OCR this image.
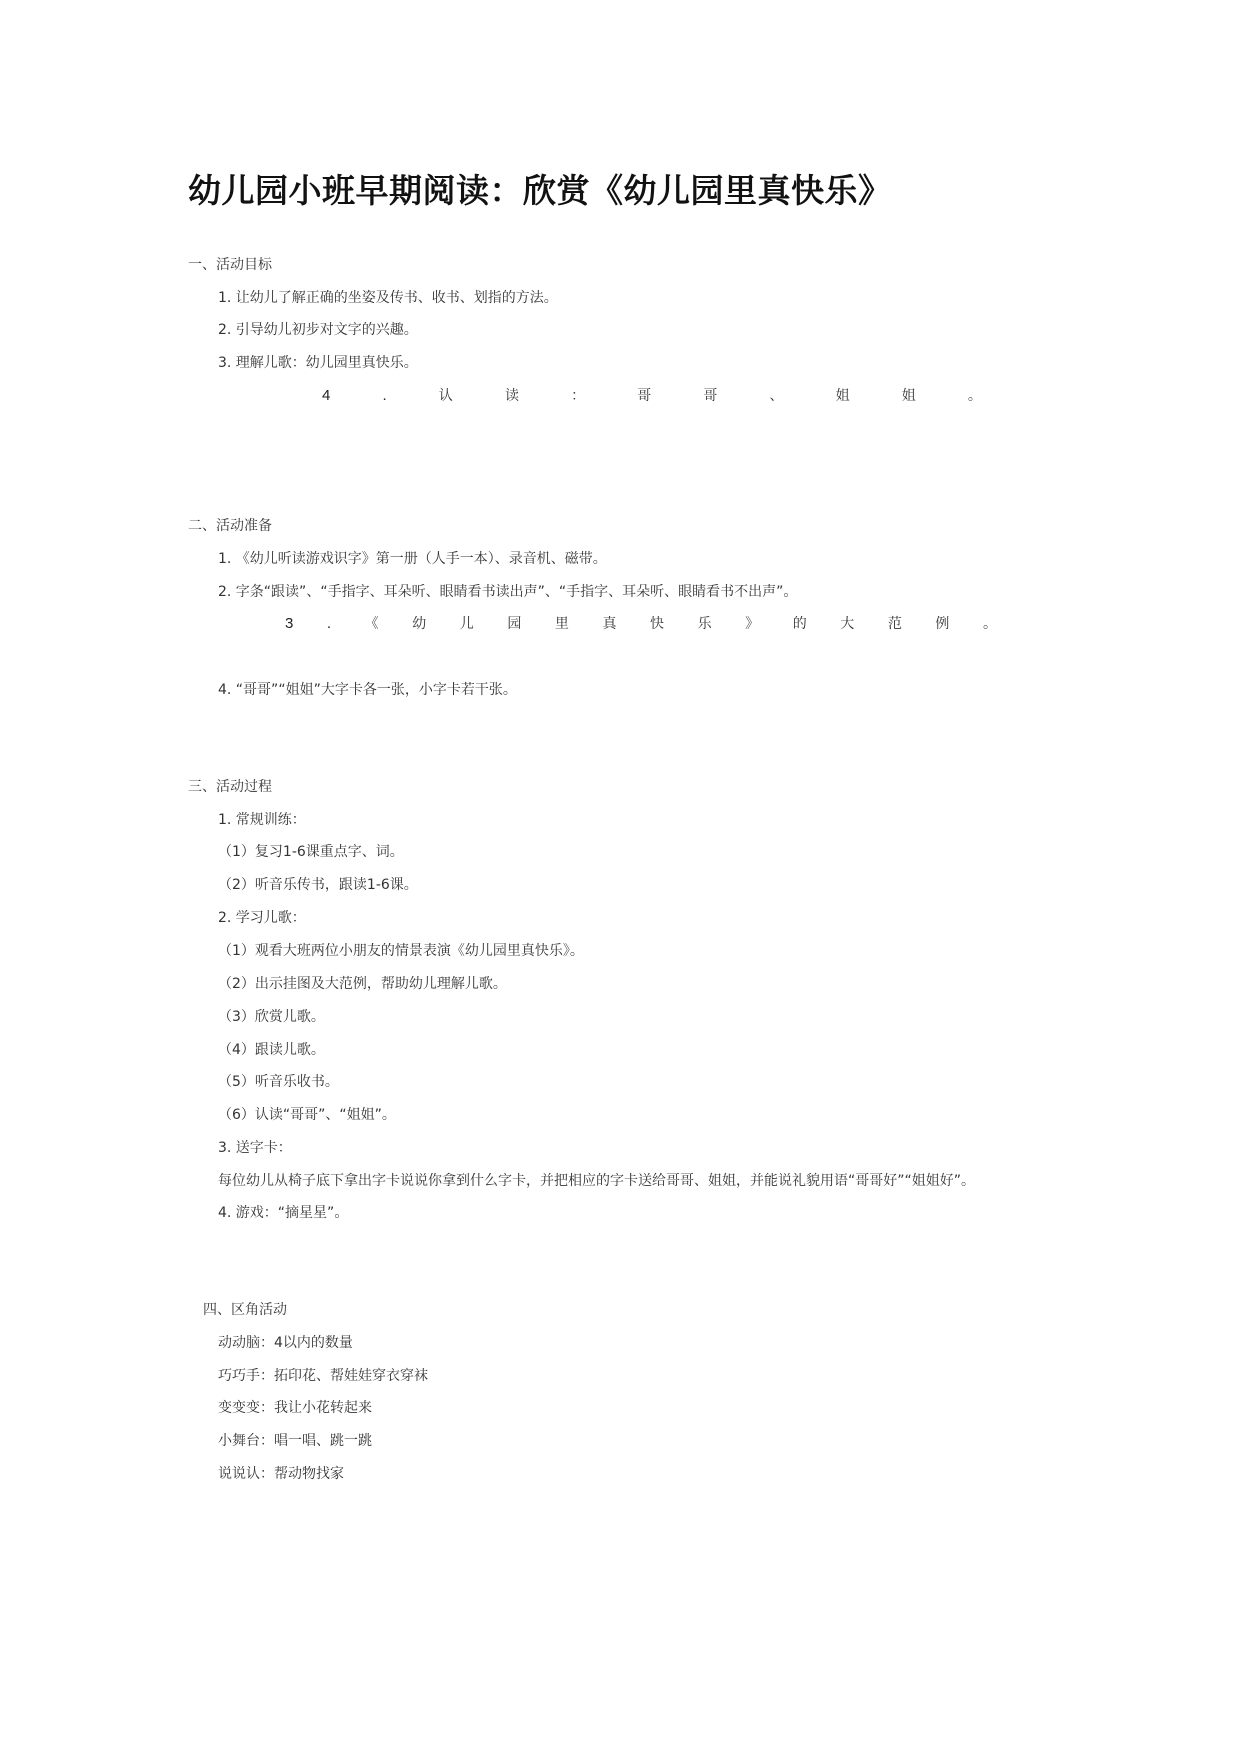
幼儿园小班早期阅读：欣赏《幼儿园里真快乐》

一、活动目标

1. 让幼儿了解正确的坐姿及传书、收书、划指的方法。

2. 引导幼儿初步对文字的兴趣。

3. 理解儿歌：幼儿园里真快乐。

4	.	认	读	：	哥	哥	、	姐	姐	。

二、活动准备

1. 《幼儿听读游戏识字》第一册（人手一本）、录音机、磁带。

2. 字条“跟读”、“手指字、耳朵听、眼睛看书读出声”、“手指字、耳朵听、眼睛看书不出声”。

3 . 《 幼 儿 园 里 真 快 乐 》 的 大 范 例 。

4. “哥哥”“姐姐”大字卡各一张，小字卡若干张。

三、活动过程

1. 常规训练：

（1）复习1-6课重点字、词。

（2）听音乐传书，跟读1-6课。

2. 学习儿歌：

（1）观看大班两位小朋友的情景表演《幼儿园里真快乐》。

（2）出示挂图及大范例，帮助幼儿理解儿歌。

（3）欣赏儿歌。

（4）跟读儿歌。

（5）听音乐收书。

（6）认读“哥哥”、“姐姐”。

3. 送字卡：

每位幼儿从椅子底下拿出字卡说说你拿到什么字卡，并把相应的字卡送给哥哥、姐姐，并能说礼貌用语“哥哥好”“姐姐好”。

4. 游戏：“摘星星”。

四、区角活动

动动脑：4以内的数量

巧巧手：拓印花、帮娃娃穿衣穿袜

变变变：我让小花转起来

小舞台：唱一唱、跳一跳

说说认：帮动物找家
